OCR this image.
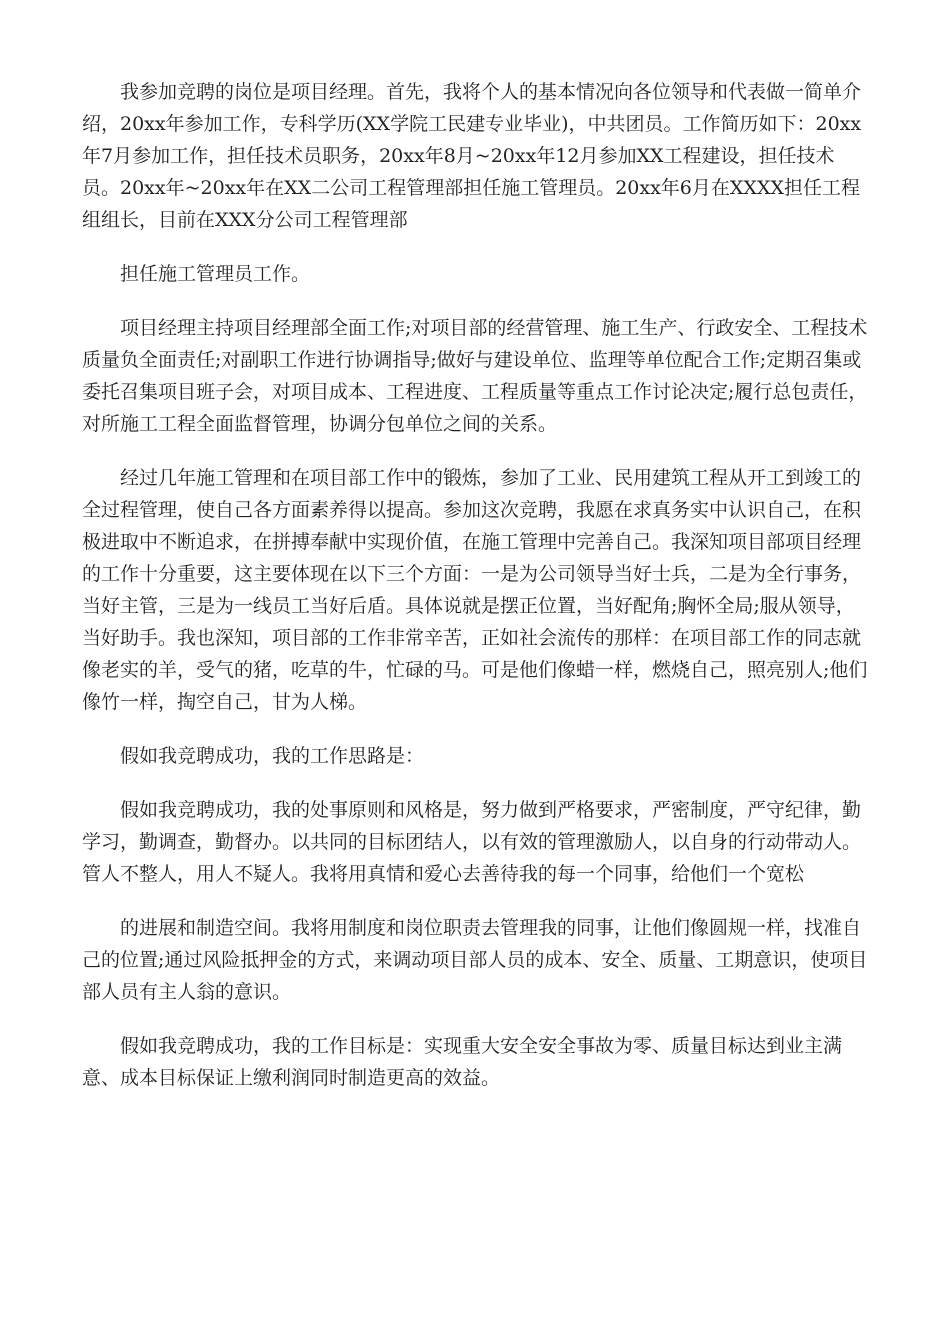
我参加竞聘的岗位是项目经理。首先，我将个人的基本情况向各位领导和代表做一简单介绍，20xx年参加工作，专科学历(XX学院工民建专业毕业)，中共团员。工作简历如下：20xx年7月参加工作，担任技术员职务，20xx年8月~20xx年12月参加XX工程建设，担任技术员。20xx年~20xx年在XX二公司工程管理部担任施工管理员。20xx年6月在XXXX担任工程组组长，目前在XXX分公司工程管理部

担任施工管理员工作。

项目经理主持项目经理部全面工作;对项目部的经营管理、施工生产、行政安全、工程技术质量负全面责任;对副职工作进行协调指导;做好与建设单位、监理等单位配合工作;定期召集或委托召集项目班子会，对项目成本、工程进度、工程质量等重点工作讨论决定;履行总包责任，对所施工工程全面监督管理，协调分包单位之间的关系。

经过几年施工管理和在项目部工作中的锻炼，参加了工业、民用建筑工程从开工到竣工的全过程管理，使自己各方面素养得以提高。参加这次竞聘，我愿在求真务实中认识自己，在积极进取中不断追求，在拼搏奉献中实现价值，在施工管理中完善自己。我深知项目部项目经理的工作十分重要，这主要体现在以下三个方面：一是为公司领导当好士兵，二是为全行事务，当好主管，三是为一线员工当好后盾。具体说就是摆正位置，当好配角;胸怀全局;服从领导，当好助手。我也深知，项目部的工作非常辛苦，正如社会流传的那样：在项目部工作的同志就像老实的羊，受气的猪，吃草的牛，忙碌的马。可是他们像蜡一样，燃烧自己，照亮别人;他们像竹一样，掏空自己，甘为人梯。

假如我竞聘成功，我的工作思路是：

假如我竞聘成功，我的处事原则和风格是，努力做到严格要求，严密制度，严守纪律，勤学习，勤调查，勤督办。以共同的目标团结人，以有效的管理激励人，以自身的行动带动人。管人不整人，用人不疑人。我将用真情和爱心去善待我的每一个同事，给他们一个宽松

的进展和制造空间。我将用制度和岗位职责去管理我的同事，让他们像圆规一样，找准自己的位置;通过风险抵押金的方式，来调动项目部人员的成本、安全、质量、工期意识，使项目部人员有主人翁的意识。

假如我竞聘成功，我的工作目标是：实现重大安全安全事故为零、质量目标达到业主满意、成本目标保证上缴利润同时制造更高的效益。
